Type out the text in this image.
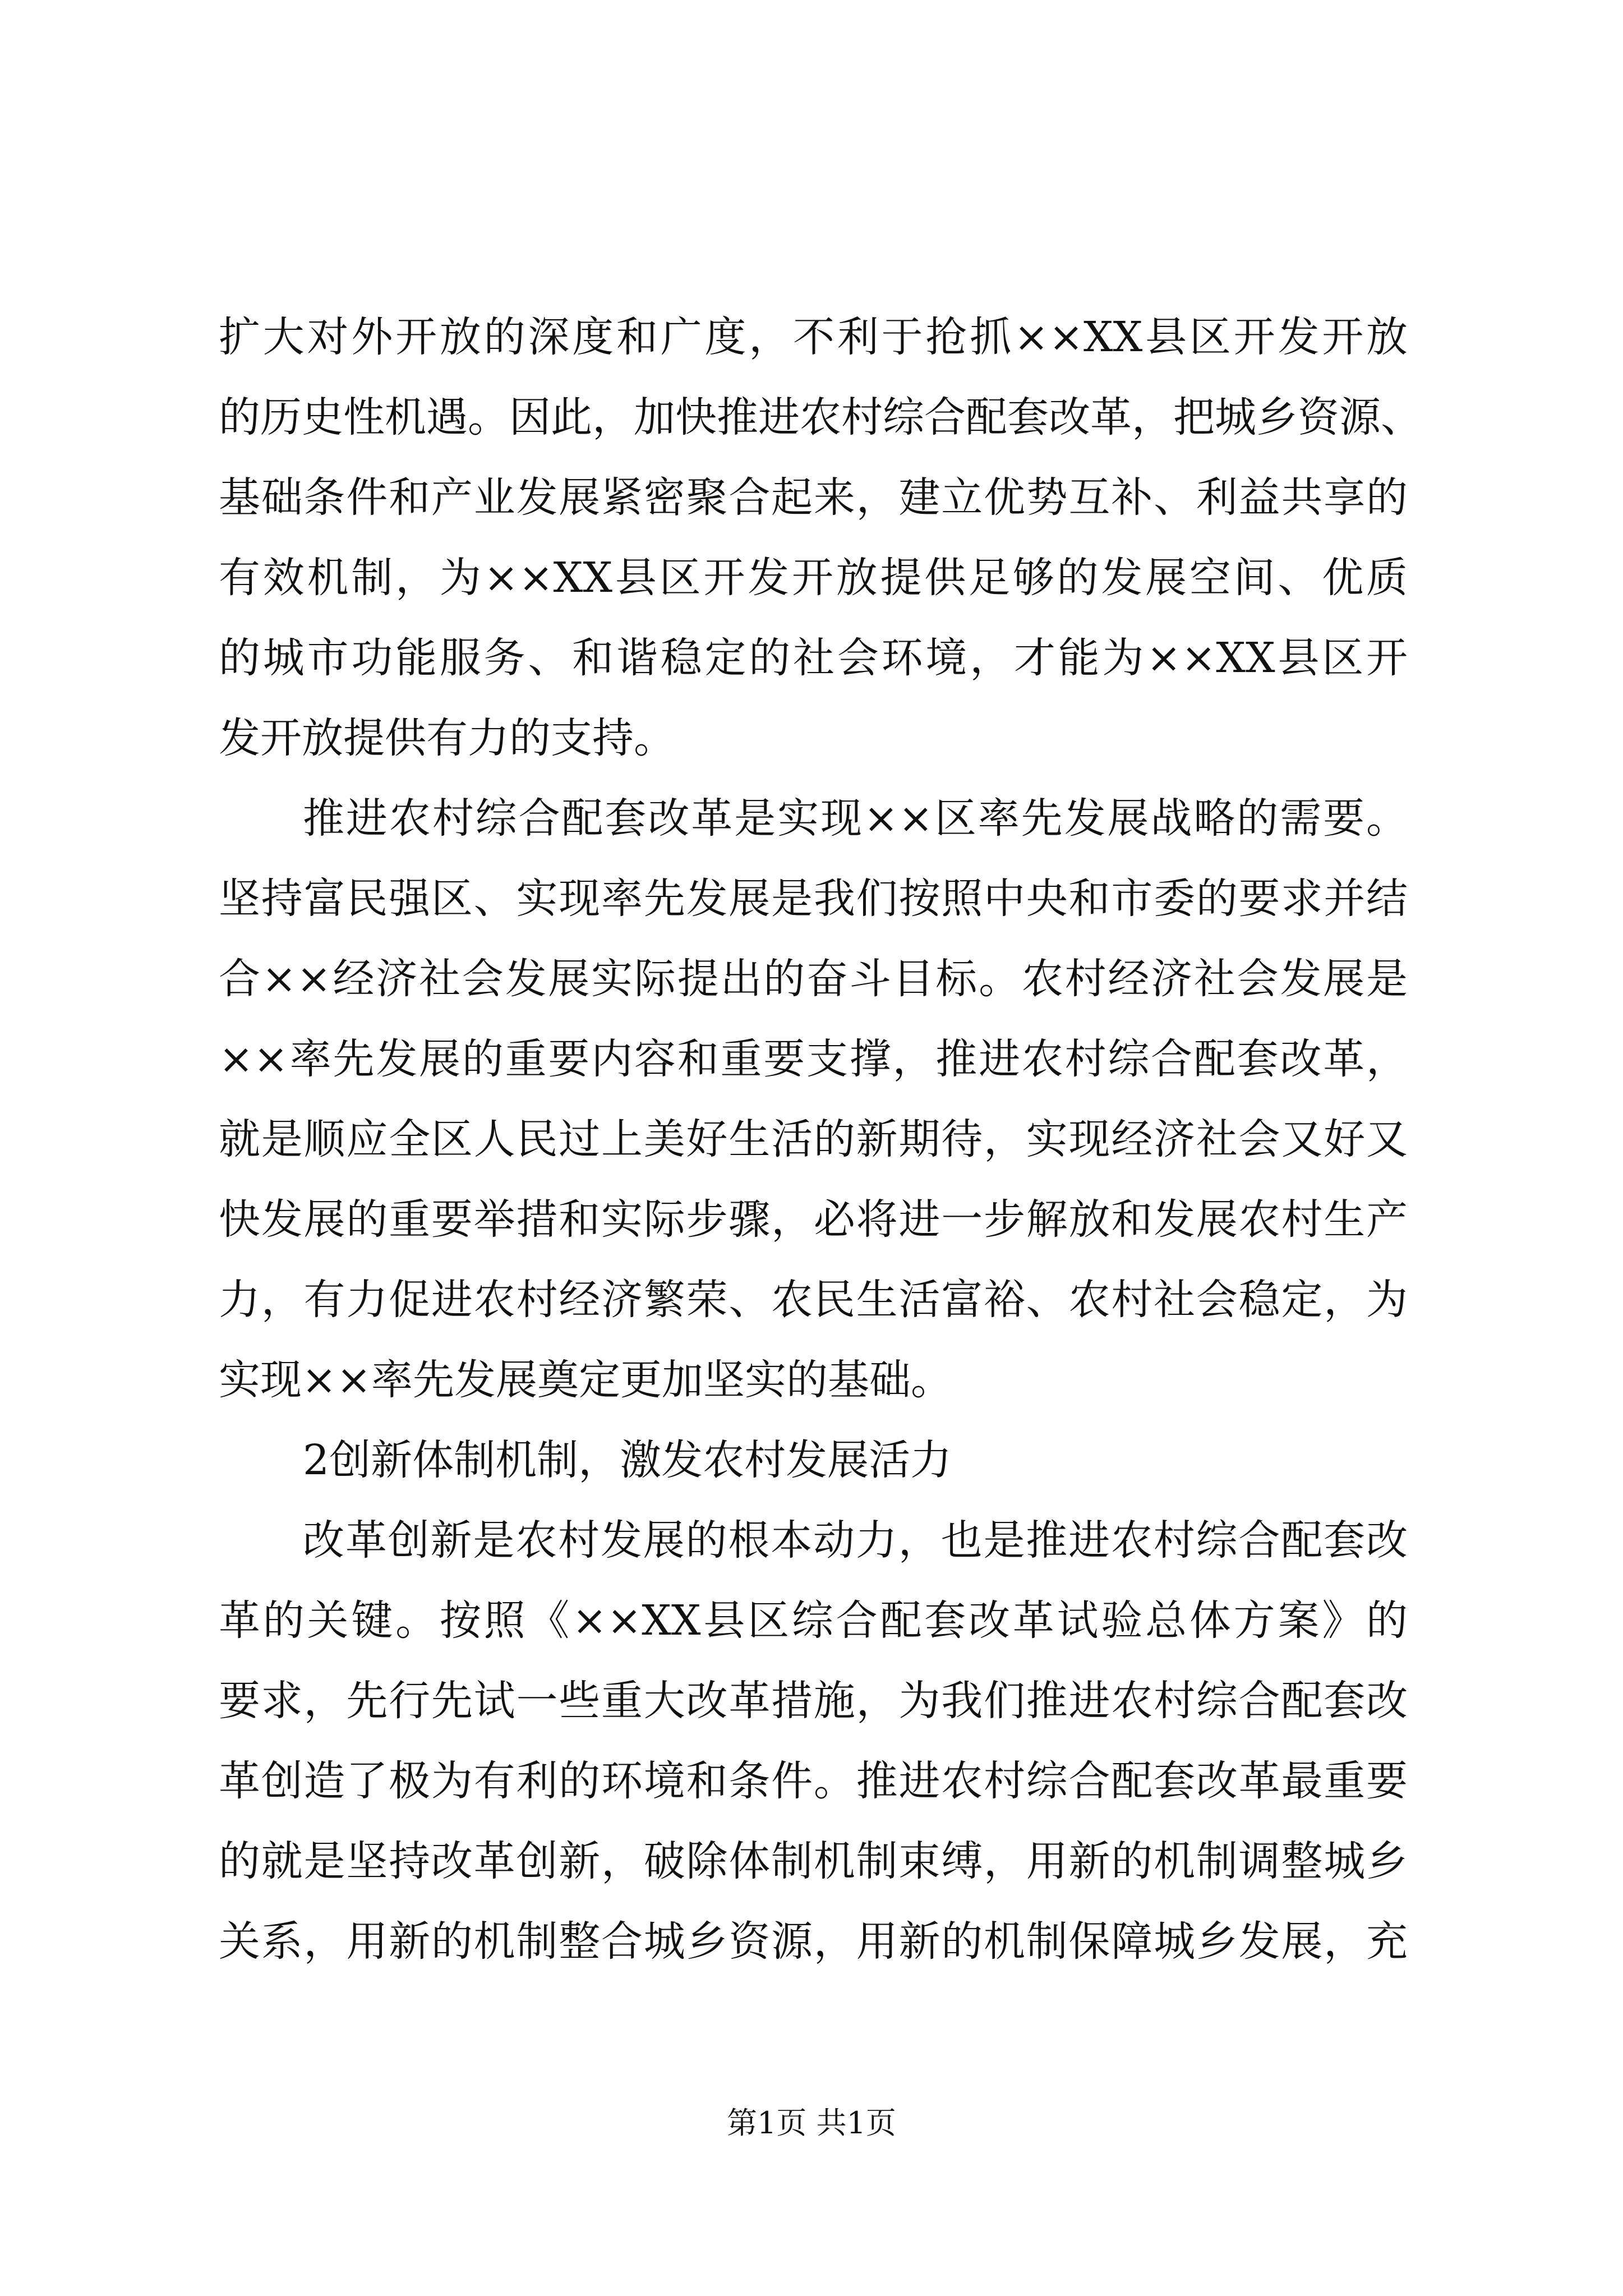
扩大对外开放的深度和广度，不利于抢抓××XX县区开发开放
的历史性机遇。因此，加快推进农村综合配套改革，把城乡资源、
基础条件和产业发展紧密聚合起来，建立优势互补、利益共享的
有效机制，为××XX县区开发开放提供足够的发展空间、优质
的城市功能服务、和谐稳定的社会环境，才能为××XX县区开
发开放提供有力的支持。
推进农村综合配套改革是实现××区率先发展战略的需要。
坚持富民强区、实现率先发展是我们按照中央和市委的要求并结
合××经济社会发展实际提出的奋斗目标。农村经济社会发展是
××率先发展的重要内容和重要支撑，推进农村综合配套改革，
就是顺应全区人民过上美好生活的新期待，实现经济社会又好又
快发展的重要举措和实际步骤，必将进一步解放和发展农村生产
力，有力促进农村经济繁荣、农民生活富裕、农村社会稳定，为
实现××率先发展奠定更加坚实的基础。
2创新体制机制，激发农村发展活力
改革创新是农村发展的根本动力，也是推进农村综合配套改
革的关键。按照《××XX县区综合配套改革试验总体方案》的
要求，先行先试一些重大改革措施，为我们推进农村综合配套改
革创造了极为有利的环境和条件。推进农村综合配套改革最重要
的就是坚持改革创新，破除体制机制束缚，用新的机制调整城乡
关系，用新的机制整合城乡资源，用新的机制保障城乡发展，充
第1页 共1页
